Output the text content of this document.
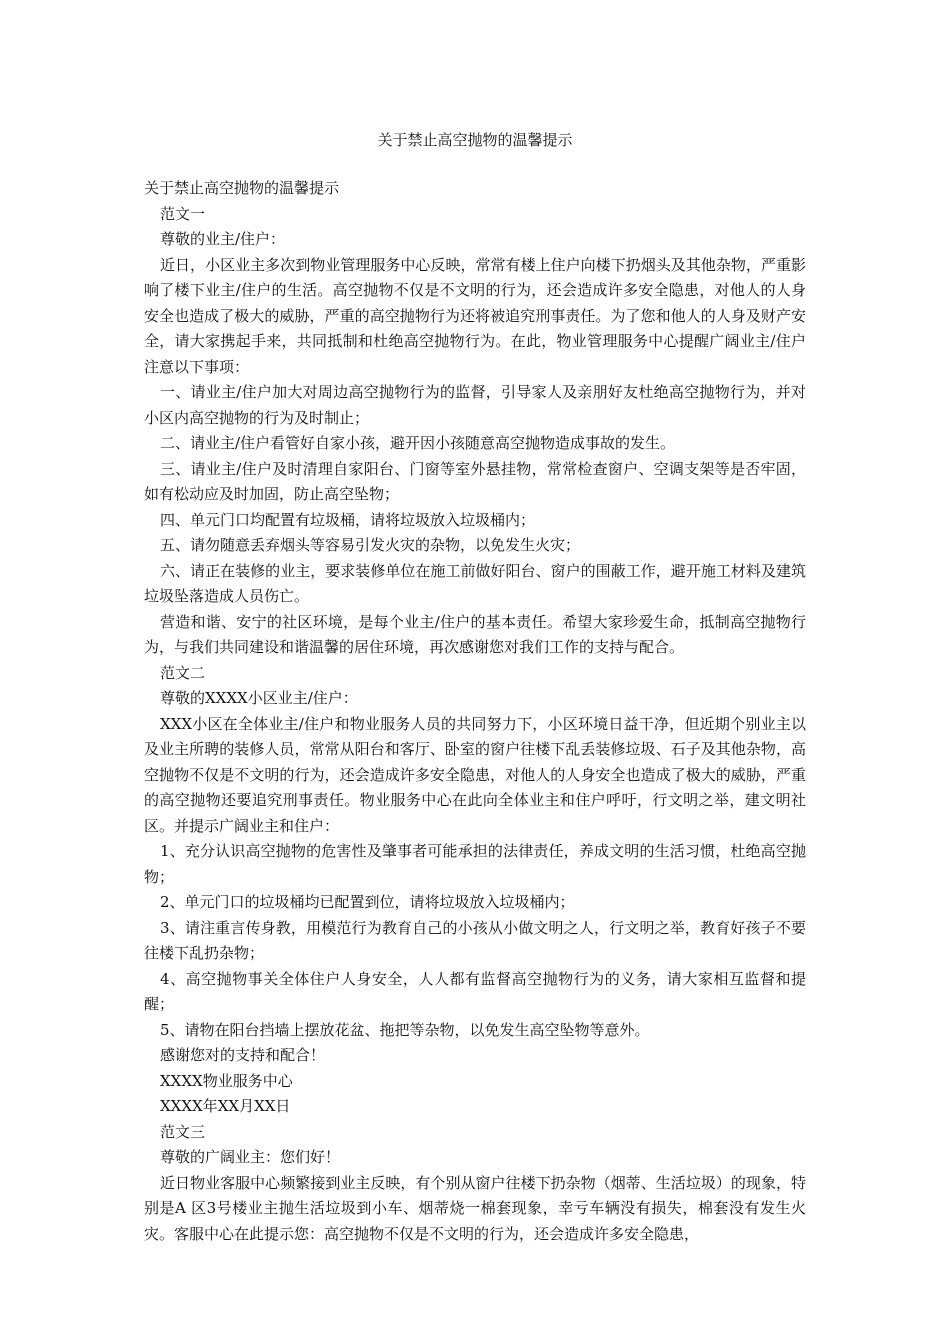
关于禁止高空抛物的温馨提示

关于禁止高空抛物的温馨提示

范文一

尊敬的业主/住户：

近日，小区业主多次到物业管理服务中心反映，常常有楼上住户向楼下扔烟头及其他杂物，严重影响了楼下业主/住户的生活。高空抛物不仅是不文明的行为，还会造成许多安全隐患，对他人的人身安全也造成了极大的威胁，严重的高空抛物行为还将被追究刑事责任。为了您和他人的人身及财产安全，请大家携起手来，共同抵制和杜绝高空抛物行为。在此，物业管理服务中心提醒广阔业主/住户注意以下事项：

一、请业主/住户加大对周边高空抛物行为的监督，引导家人及亲朋好友杜绝高空抛物行为，并对小区内高空抛物的行为及时制止；

二、请业主/住户看管好自家小孩，避开因小孩随意高空抛物造成事故的发生。

三、请业主/住户及时清理自家阳台、门窗等室外悬挂物，常常检查窗户、空调支架等是否牢固，如有松动应及时加固，防止高空坠物；

四、单元门口均配置有垃圾桶，请将垃圾放入垃圾桶内；

五、请勿随意丢弃烟头等容易引发火灾的杂物，以免发生火灾；

六、请正在装修的业主，要求装修单位在施工前做好阳台、窗户的围蔽工作，避开施工材料及建筑垃圾坠落造成人员伤亡。

营造和谐、安宁的社区环境，是每个业主/住户的基本责任。希望大家珍爱生命，抵制高空抛物行为，与我们共同建设和谐温馨的居住环境，再次感谢您对我们工作的支持与配合。

范文二

尊敬的XXXX小区业主/住户：

XXX小区在全体业主/住户和物业服务人员的共同努力下，小区环境日益干净，但近期个别业主以及业主所聘的装修人员，常常从阳台和客厅、卧室的窗户往楼下乱丢装修垃圾、石子及其他杂物，高空抛物不仅是不文明的行为，还会造成许多安全隐患，对他人的人身安全也造成了极大的威胁，严重的高空抛物还要追究刑事责任。物业服务中心在此向全体业主和住户呼吁，行文明之举，建文明社区。并提示广阔业主和住户：

1、充分认识高空抛物的危害性及肇事者可能承担的法律责任，养成文明的生活习惯，杜绝高空抛物；

2、单元门口的垃圾桶均已配置到位，请将垃圾放入垃圾桶内；

3、请注重言传身教，用模范行为教育自己的小孩从小做文明之人，行文明之举，教育好孩子不要往楼下乱扔杂物；

4、高空抛物事关全体住户人身安全，人人都有监督高空抛物行为的义务，请大家相互监督和提醒；

5、请物在阳台挡墙上摆放花盆、拖把等杂物，以免发生高空坠物等意外。

感谢您对的支持和配合！

XXXX物业服务中心

XXXX年XX月XX日

范文三

尊敬的广阔业主：您们好！

近日物业客服中心频繁接到业主反映，有个别从窗户往楼下扔杂物（烟蒂、生活垃圾）的现象，特别是A 区3号楼业主抛生活垃圾到小车、烟蒂烧一棉套现象，幸亏车辆没有损失，棉套没有发生火灾。客服中心在此提示您：高空抛物不仅是不文明的行为，还会造成许多安全隐患，
